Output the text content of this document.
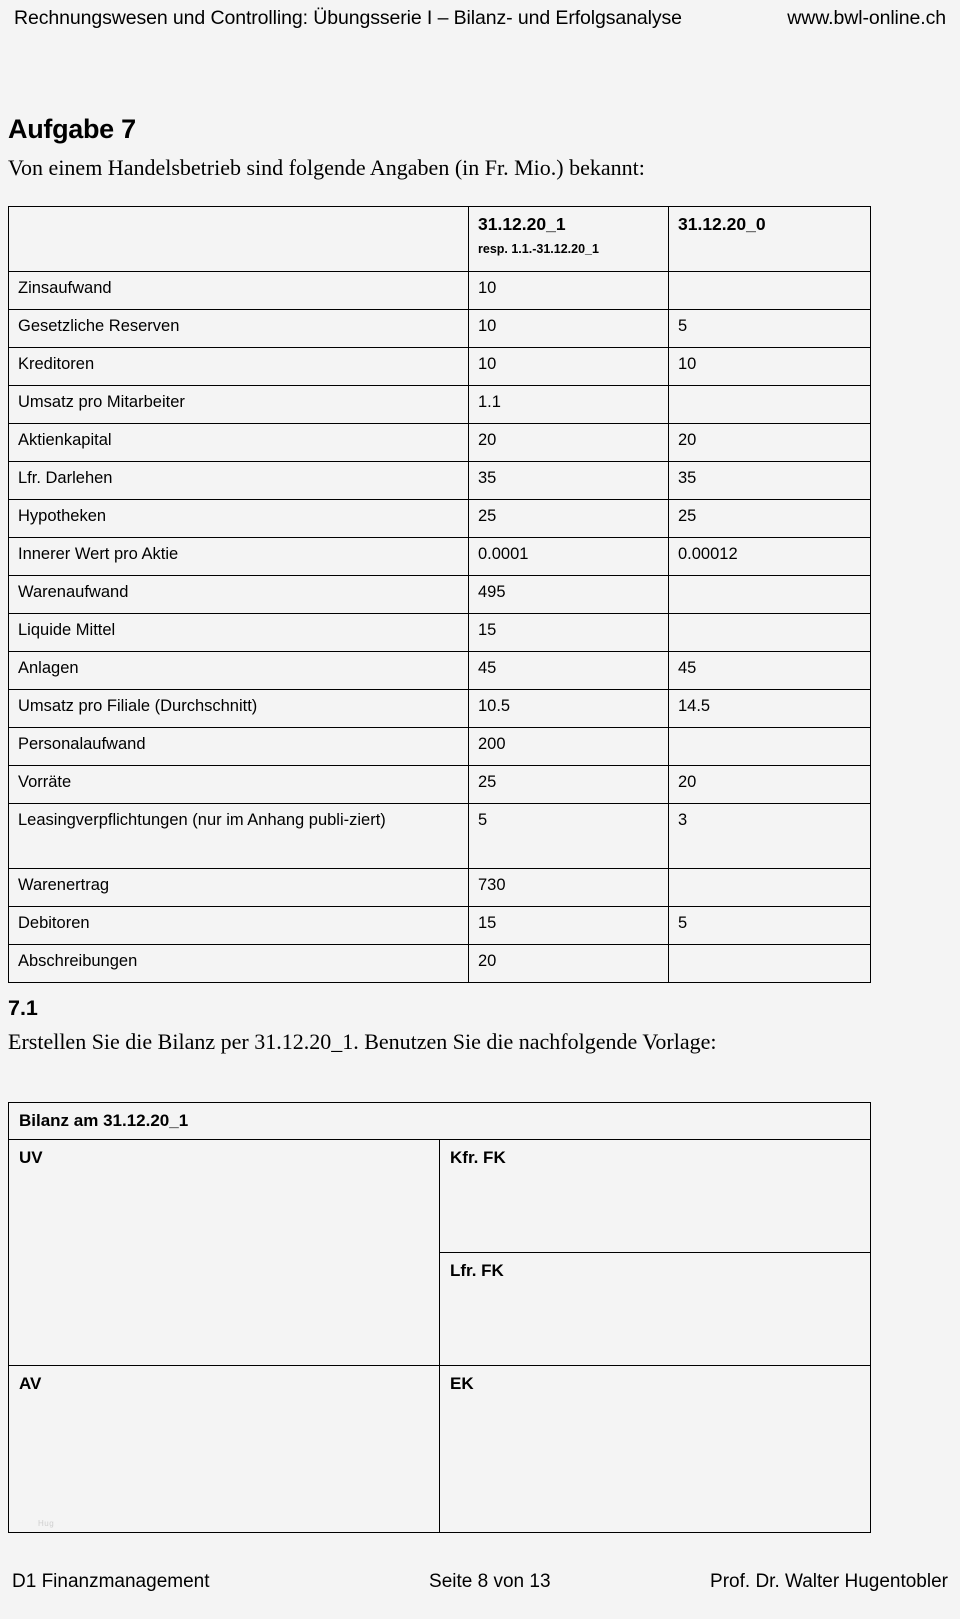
Rechnungswesen und Controlling: Übungsserie I – Bilanz- und Erfolgsanalyse	www.bwl-online.ch
Aufgabe 7
Von einem Handelsbetrieb sind folgende Angaben (in Fr. Mio.) bekannt:

	31.12.20_1
resp. 1.1.-31.12.20_1	31.12.20_0

Zinsaufwand	10	
Gesetzliche Reserven	10	5
Kreditoren	10	10
Umsatz pro Mitarbeiter	1.1	
Aktienkapital	20	20
Lfr. Darlehen	35	35
Hypotheken	25	25
Innerer Wert pro Aktie	0.0001	0.00012
Warenaufwand	495	
Liquide Mittel	15	
Anlagen	45	45
Umsatz pro Filiale (Durchschnitt)	10.5	14.5
Personalaufwand	200	
Vorräte	25	20
Leasingverpflichtungen (nur im Anhang publi-ziert)	5	3
Warenertrag	730	
Debitoren	15	5
Abschreibungen	20	
7.1
Erstellen Sie die Bilanz per 31.12.20_1. Benutzen Sie die nachfolgende Vorlage:
Bilanz am 31.12.20_1	
UV	Kfr. FK
	Lfr. FK
AV	EK
Hug
D1 Finanzmanagement	Seite 8 von 13	Prof. Dr. Walter Hugentobler
